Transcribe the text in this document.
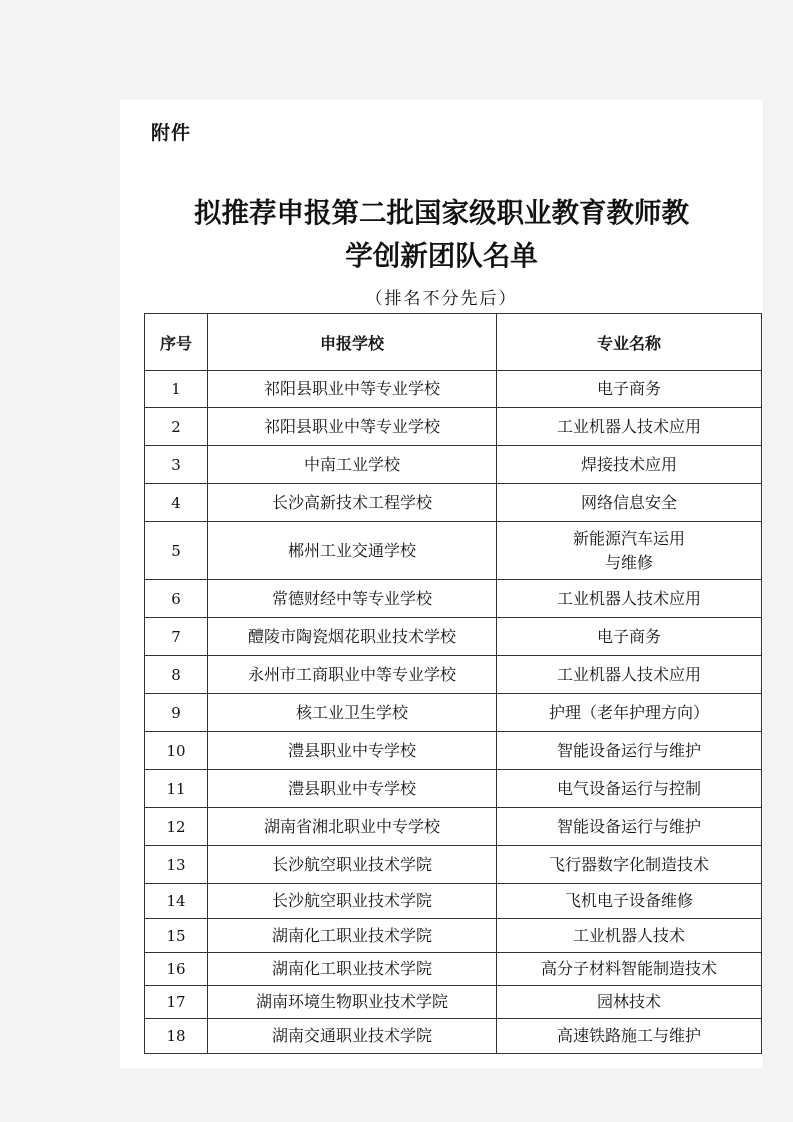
附件
拟推荐申报第二批国家级职业教育教师教
学创新团队名单
（排名不分先后）
序号	申报学校	专业名称
1	祁阳县职业中等专业学校	电子商务

2	祁阳县职业中等专业学校	工业机器人技术应用

3	中南工业学校	焊接技术应用

4	长沙高新技术工程学校	网络信息安全

5	郴州工业交通学校	新能源汽车运用
与维修

6	常德财经中等专业学校	工业机器人技术应用

7	醴陵市陶瓷烟花职业技术学校	电子商务

8	永州市工商职业中等专业学校	工业机器人技术应用

9	核工业卫生学校	护理（老年护理方向）

10	澧县职业中专学校	智能设备运行与维护

11	澧县职业中专学校	电气设备运行与控制

12	湖南省湘北职业中专学校	智能设备运行与维护

13	长沙航空职业技术学院	飞行器数字化制造技术

14	长沙航空职业技术学院	飞机电子设备维修

15	湖南化工职业技术学院	工业机器人技术

16	湖南化工职业技术学院	高分子材料智能制造技术

17	湖南环境生物职业技术学院	园林技术

18	湖南交通职业技术学院	高速铁路施工与维护
